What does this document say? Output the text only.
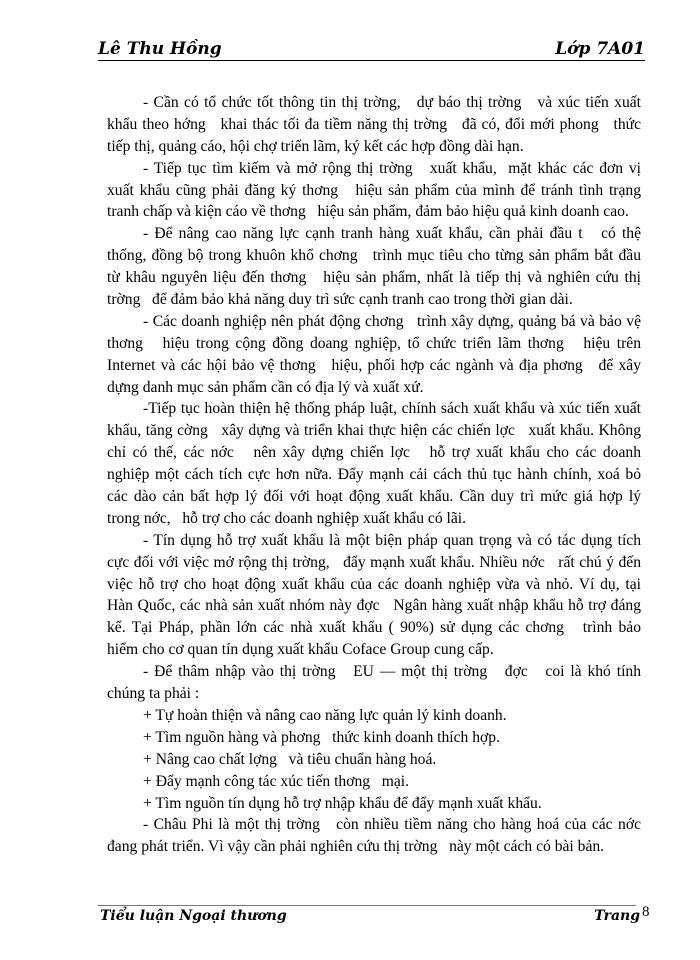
Lê Thu Hồng	Lớp 7A01
- Cần có tổ chức tốt thông tin thị trờng,   dự báo thị trờng   và xúc tiến xuất
khẩu theo hớng   khai thác tối đa tiềm năng thị trờng   đã có, đổi mới phong   thức
tiếp thị, quảng cáo, hội chợ triển lãm, ký kết các hợp đồng dài hạn.
- Tiếp tục tìm kiếm và mở rộng thị trờng   xuất khẩu,  mặt khác các đơn vị
xuất khẩu cũng phải đăng ký thơng   hiệu sản phẩm của mình để tránh tình trạng
tranh chấp và kiện cáo về thơng   hiệu sản phẩm, đảm bảo hiệu quả kinh doanh cao.
- Để nâng cao năng lực cạnh tranh hàng xuất khẩu, cần phải đầu t   có thệ
thống, đồng bộ trong khuôn khổ chơng   trình mục tiêu cho từng sản phẩm bắt đầu
từ khâu nguyên liệu đến thơng   hiệu sản phẩm, nhất là tiếp thị và nghiên cứu thị
trờng   để đảm bảo khả năng duy trì sức cạnh tranh cao trong thời gian dài.
- Các doanh nghiệp nên phát động chơng   trình xây dựng, quảng bá và bảo vệ
thơng   hiệu trong cộng đồng doang nghiệp, tổ chức triển lãm thơng   hiệu trên
Internet và các hội bảo vệ thơng   hiệu, phối hợp các ngành và địa phơng   để xây
dựng danh mục sản phẩm cần có địa lý và xuất xứ.
-Tiếp tục hoàn thiện hệ thống pháp luật, chính sách xuất khẩu và xúc tiến xuất
khẩu, tăng cờng   xây dựng và triển khai thực hiện các chiến lợc   xuất khẩu. Không
chỉ có thế, các nớc   nên xây dựng chiến lợc   hỗ trợ xuất khẩu cho các doanh
nghiệp một cách tích cực hơn nữa. Đẩy mạnh cải cách thủ tục hành chính, xoá bỏ
các dào cản bất hợp lý đối với hoạt động xuất khẩu. Cần duy trì mức giá hợp lý
trong nớc,   hỗ trợ cho các doanh nghiệp xuất khẩu có lãi.
- Tín dụng hỗ trợ xuất khẩu là một biện pháp quan trọng và có tác dụng tích
cực đối với việc mở rộng thị trờng,   đẩy mạnh xuất khẩu. Nhiều nớc   rất chú ý đến
việc hỗ trợ cho hoạt động xuất khẩu của các doanh nghiệp vừa và nhỏ. Ví dụ, tại
Hàn Quốc, các nhà sản xuất nhóm này đợc   Ngân hàng xuất nhập khẩu hỗ trợ đáng
kể. Tại Pháp, phần lớn các nhà xuất khẩu ( 90%) sử dụng các chơng   trình bảo
hiểm cho cơ quan tín dụng xuất khẩu Coface Group cung cấp.
- Để thâm nhập vào thị trờng   EU — một thị trờng   đợc   coi là khó tính
chúng ta phải :
+ Tự hoàn thiện và nâng cao năng lực quản lý kinh doanh.
+ Tìm nguồn hàng và phơng   thức kinh doanh thích hợp.
+ Nâng cao chất lợng   và tiêu chuẩn hàng hoá.
+ Đẩy mạnh công tác xúc tiến thơng   mại.
+ Tìm nguồn tín dụng hỗ trợ nhập khẩu để đẩy mạnh xuất khẩu.
- Châu Phi là một thị trờng   còn nhiều tiềm năng cho hàng hoá của các nớc
đang phát triển. Vì vậy cần phải nghiên cứu thị trờng   này một cách có bài bản.
Tiểu luận Ngoại thương	Trang 8
